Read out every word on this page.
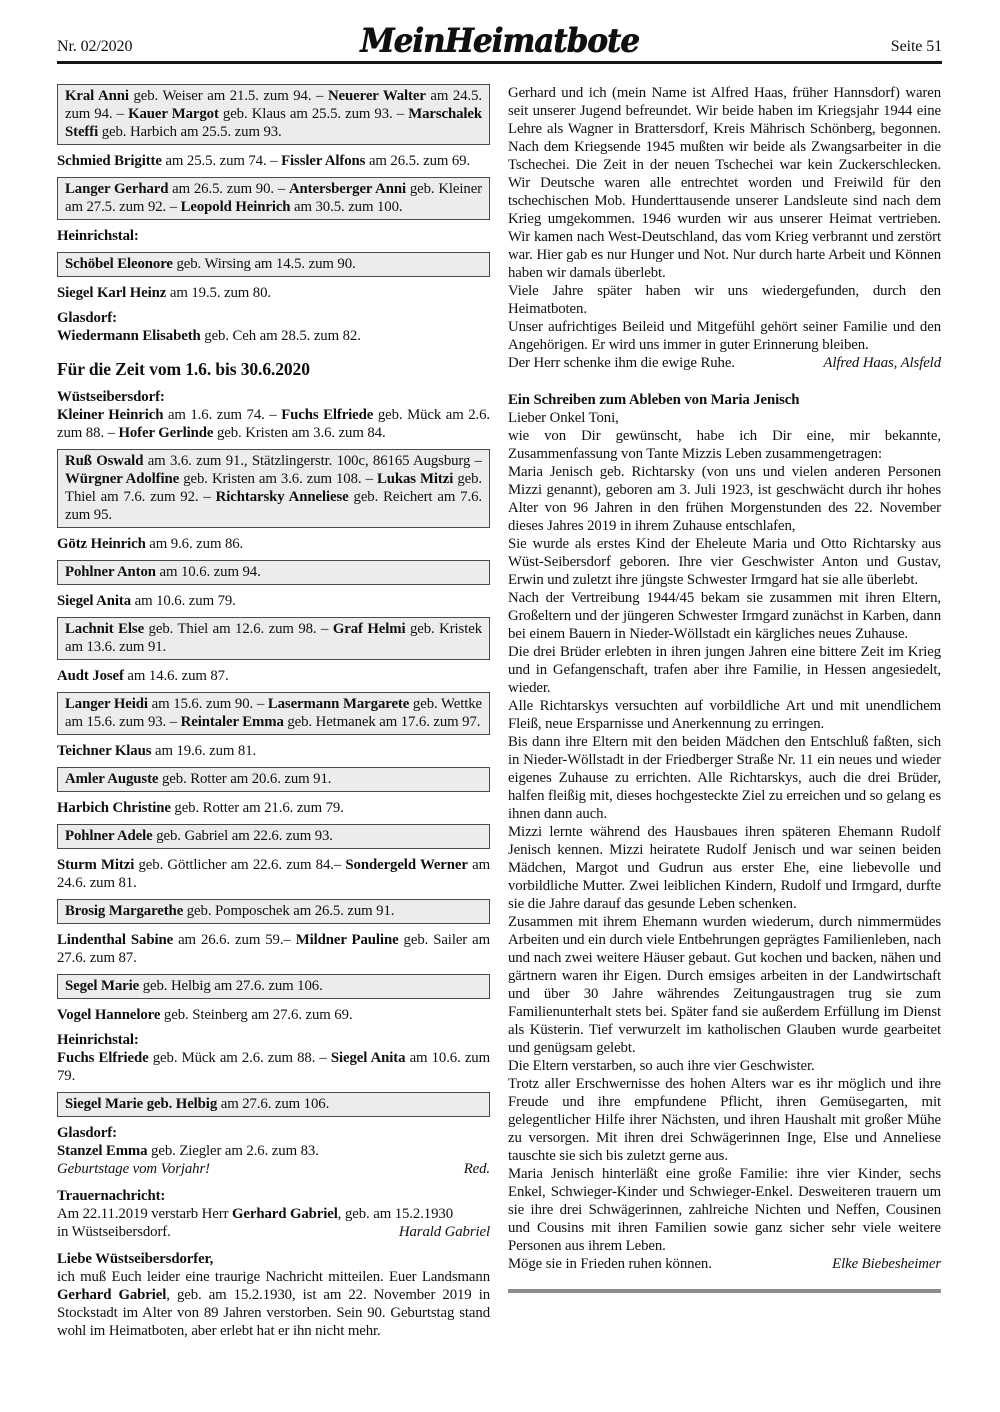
Nr. 02/2020	MeinHeimatbote	Seite 51
Kral Anni geb. Weiser am 21.5. zum 94. – Neuerer Walter am 24.5. zum 94. – Kauer Margot geb. Klaus am 25.5. zum 93. – Marschalek Steffi geb. Harbich am 25.5. zum 93.
Schmied Brigitte am 25.5. zum 74. – Fissler Alfons am 26.5. zum 69.
Langer Gerhard am 26.5. zum 90. – Antersberger Anni geb. Kleiner am 27.5. zum 92. – Leopold Heinrich am 30.5. zum 100.
Heinrichstal:
Schöbel Eleonore geb. Wirsing am 14.5. zum 90.
Siegel Karl Heinz am 19.5. zum 80.
Glasdorf:
Wiedermann Elisabeth geb. Ceh am 28.5. zum 82.
Für die Zeit vom 1.6. bis 30.6.2020
Wüstseibersdorf:
Kleiner Heinrich am 1.6. zum 74. – Fuchs Elfriede geb. Mück am 2.6. zum 88. – Hofer Gerlinde geb. Kristen am 3.6. zum 84.
Ruß Oswald am 3.6. zum 91., Stätzlingerstr. 100c, 86165 Augsburg – Würgner Adolfine geb. Kristen am 3.6. zum 108. – Lukas Mitzi geb. Thiel am 7.6. zum 92. – Richtarsky Anneliese geb. Reichert am 7.6. zum 95.
Götz Heinrich am 9.6. zum 86.
Pohlner Anton am 10.6. zum 94.
Siegel Anita am 10.6. zum 79.
Lachnit Else geb. Thiel am 12.6. zum 98. – Graf Helmi geb. Kristek am 13.6. zum 91.
Audt Josef am 14.6. zum 87.
Langer Heidi am 15.6. zum 90. – Lasermann Margarete geb. Wettke am 15.6. zum 93. – Reintaler Emma geb. Hetmanek am 17.6. zum 97.
Teichner Klaus am 19.6. zum 81.
Amler Auguste geb. Rotter am 20.6. zum 91.
Harbich Christine geb. Rotter am 21.6. zum 79.
Pohlner Adele geb. Gabriel am 22.6. zum 93.
Sturm Mitzi geb. Göttlicher am 22.6. zum 84.– Sondergeld Werner am 24.6. zum 81.
Brosig Margarethe geb. Pomposchek am 26.5. zum 91.
Lindenthal Sabine am 26.6. zum 59.– Mildner Pauline geb. Sailer am 27.6. zum 87.
Segel Marie geb. Helbig am 27.6. zum 106.
Vogel Hannelore geb. Steinberg am 27.6. zum 69.
Heinrichstal:
Fuchs Elfriede geb. Mück am 2.6. zum 88. – Siegel Anita am 10.6. zum 79.
Siegel Marie geb. Helbig am 27.6. zum 106.
Glasdorf:
Stanzel Emma geb. Ziegler am 2.6. zum 83.
Geburtstage vom Vorjahr!	Red.
Trauernachricht:
Am 22.11.2019 verstarb Herr Gerhard Gabriel, geb. am 15.2.1930
in Wüstseibersdorf.	Harald Gabriel
Liebe Wüstseibersdorfer,
ich muß Euch leider eine traurige Nachricht mitteilen. Euer Landsmann Gerhard Gabriel, geb. am 15.2.1930, ist am 22. November 2019 in Stockstadt im Alter von 89 Jahren verstorben. Sein 90. Geburtstag stand wohl im Heimatboten, aber erlebt hat er ihn nicht mehr.
Gerhard und ich (mein Name ist Alfred Haas, früher Hannsdorf) waren seit unserer Jugend befreundet. Wir beide haben im Kriegsjahr 1944 eine Lehre als Wagner in Brattersdorf, Kreis Mährisch Schönberg, begonnen. Nach dem Kriegsende 1945 mußten wir beide als Zwangsarbeiter in die Tschechei. Die Zeit in der neuen Tschechei war kein Zuckerschlecken. Wir Deutsche waren alle entrechtet worden und Freiwild für den tschechischen Mob. Hunderttausende unserer Landsleute sind nach dem Krieg umgekommen. 1946 wurden wir aus unserer Heimat vertrieben. Wir kamen nach West-Deutschland, das vom Krieg verbrannt und zerstört war. Hier gab es nur Hunger und Not. Nur durch harte Arbeit und Können haben wir damals überlebt.
Viele Jahre später haben wir uns wiedergefunden, durch den Heimatboten.
Unser aufrichtiges Beileid und Mitgefühl gehört seiner Familie und den Angehörigen. Er wird uns immer in guter Erinnerung bleiben.
Der Herr schenke ihm die ewige Ruhe.	Alfred Haas, Alsfeld
Ein Schreiben zum Ableben von Maria Jenisch
Lieber Onkel Toni,
wie von Dir gewünscht, habe ich Dir eine, mir bekannte, Zusammenfassung von Tante Mizzis Leben zusammengetragen:
Maria Jenisch geb. Richtarsky (von uns und vielen anderen Personen Mizzi genannt), geboren am 3. Juli 1923, ist geschwächt durch ihr hohes Alter von 96 Jahren in den frühen Morgenstunden des 22. November dieses Jahres 2019 in ihrem Zuhause entschlafen,
Sie wurde als erstes Kind der Eheleute Maria und Otto Richtarsky aus Wüst-Seibersdorf geboren. Ihre vier Geschwister Anton und Gustav, Erwin und zuletzt ihre jüngste Schwester Irmgard hat sie alle überlebt.
Nach der Vertreibung 1944/45 bekam sie zusammen mit ihren Eltern, Großeltern und der jüngeren Schwester Irmgard zunächst in Karben, dann bei einem Bauern in Nieder-Wöllstadt ein kärgliches neues Zuhause.
Die drei Brüder erlebten in ihren jungen Jahren eine bittere Zeit im Krieg und in Gefangenschaft, trafen aber ihre Familie, in Hessen angesiedelt, wieder.
Alle Richtarskys versuchten auf vorbildliche Art und mit unendlichem Fleiß, neue Ersparnisse und Anerkennung zu erringen.
Bis dann ihre Eltern mit den beiden Mädchen den Entschluß faßten, sich in Nieder-Wöllstadt in der Friedberger Straße Nr. 11 ein neues und wieder eigenes Zuhause zu errichten. Alle Richtarskys, auch die drei Brüder, halfen fleißig mit, dieses hochgesteckte Ziel zu erreichen und so gelang es ihnen dann auch.
Mizzi lernte während des Hausbaues ihren späteren Ehemann Rudolf Jenisch kennen. Mizzi heiratete Rudolf Jenisch und war seinen beiden Mädchen, Margot und Gudrun aus erster Ehe, eine liebevolle und vorbildliche Mutter. Zwei leiblichen Kindern, Rudolf und Irmgard, durfte sie die Jahre darauf das gesunde Leben schenken.
Zusammen mit ihrem Ehemann wurden wiederum, durch nimmermüdes Arbeiten und ein durch viele Entbehrungen geprägtes Familienleben, nach und nach zwei weitere Häuser gebaut. Gut kochen und backen, nähen und gärtnern waren ihr Eigen. Durch emsiges arbeiten in der Landwirtschaft und über 30 Jahre währendes Zeitungaustragen trug sie zum Familienunterhalt stets bei. Später fand sie außerdem Erfüllung im Dienst als Küsterin. Tief verwurzelt im katholischen Glauben wurde gearbeitet und genügsam gelebt.
Die Eltern verstarben, so auch ihre vier Geschwister.
Trotz aller Erschwernisse des hohen Alters war es ihr möglich und ihre Freude und ihre empfundene Pflicht, ihren Gemüsegarten, mit gelegentlicher Hilfe ihrer Nächsten, und ihren Haushalt mit großer Mühe zu versorgen. Mit ihren drei Schwägerinnen Inge, Else und Anneliese tauschte sie sich bis zuletzt gerne aus.
Maria Jenisch hinterläßt eine große Familie: ihre vier Kinder, sechs Enkel, Schwieger-Kinder und Schwieger-Enkel. Desweiteren trauern um sie ihre drei Schwägerinnen, zahlreiche Nichten und Neffen, Cousinen und Cousins mit ihren Familien sowie ganz sicher sehr viele weitere Personen aus ihrem Leben.
Möge sie in Frieden ruhen können.	Elke Biebesheimer
